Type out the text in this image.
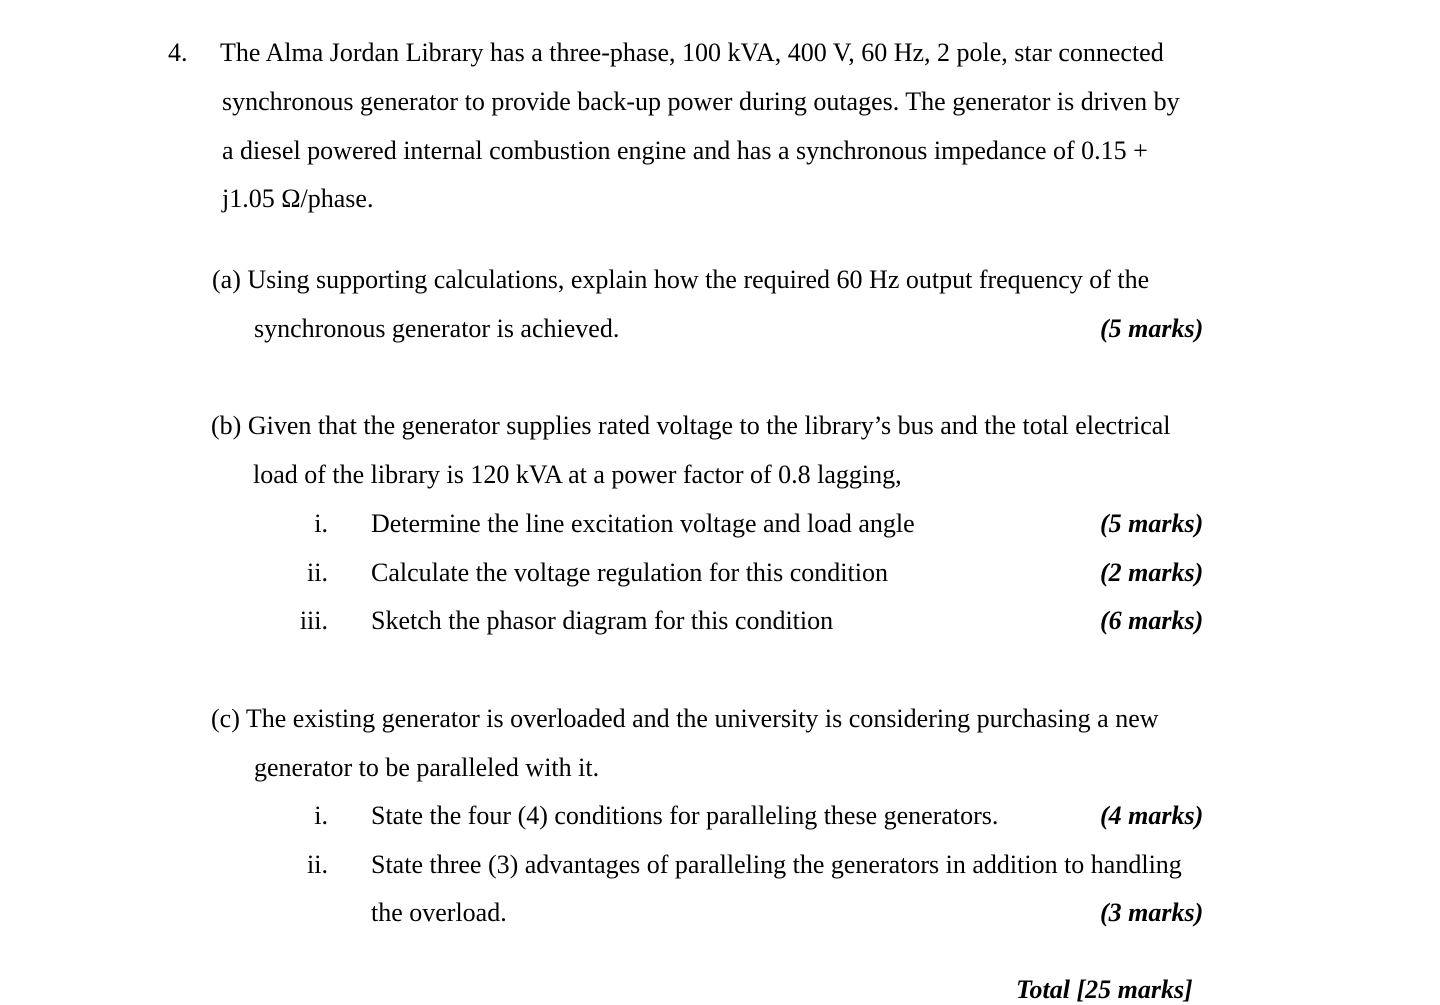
4. The Alma Jordan Library has a three-phase, 100 kVA, 400 V, 60 Hz, 2 pole, star connected
synchronous generator to provide back-up power during outages. The generator is driven by
a diesel powered internal combustion engine and has a synchronous impedance of 0.15 +
j1.05 Ω/phase.
(a) Using supporting calculations, explain how the required 60 Hz output frequency of the
synchronous generator is achieved.	(5 marks)
(b) Given that the generator supplies rated voltage to the library’s bus and the total electrical
load of the library is 120 kVA at a power factor of 0.8 lagging,
i. Determine the line excitation voltage and load angle	(5 marks)
ii. Calculate the voltage regulation for this condition	(2 marks)
iii. Sketch the phasor diagram for this condition	(6 marks)
(c) The existing generator is overloaded and the university is considering purchasing a new
generator to be paralleled with it.
i. State the four (4) conditions for paralleling these generators.	(4 marks)
ii. State three (3) advantages of paralleling the generators in addition to handling
the overload.	(3 marks)
Total [25 marks]
